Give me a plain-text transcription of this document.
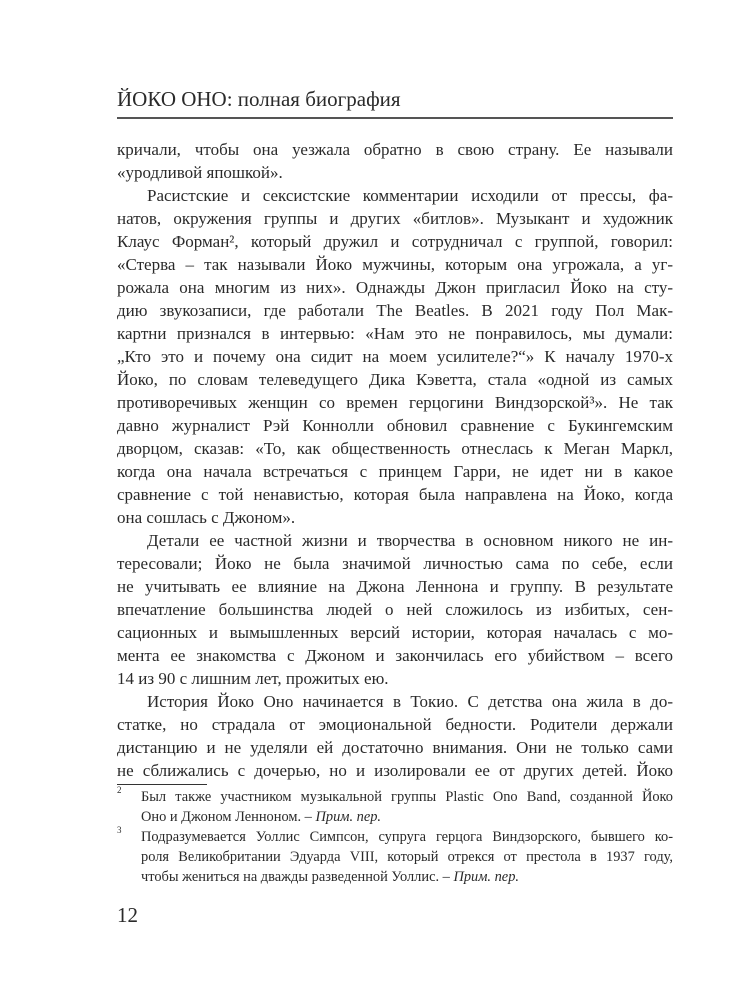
ЙОКО ОНО: полная биография
кричали, чтобы она уезжала обратно в свою страну. Ее называли
«уродливой япошкой».
Расистские и сексистские комментарии исходили от прессы, фа-
натов, окружения группы и других «битлов». Музыкант и художник
Клаус Форман², который дружил и сотрудничал с группой, говорил:
«Стерва – так называли Йоко мужчины, которым она угрожала, а уг-
рожала она многим из них». Однажды Джон пригласил Йоко на сту-
дию звукозаписи, где работали The Beatles. В 2021 году Пол Мак-
картни признался в интервью: «Нам это не понравилось, мы думали:
„Кто это и почему она сидит на моем усилителе?“» К началу 1970-х
Йоко, по словам телеведущего Дика Кэветта, стала «одной из самых
противоречивых женщин со времен герцогини Виндзорской³». Не так
давно журналист Рэй Коннолли обновил сравнение с Букингемским
дворцом, сказав: «То, как общественность отнеслась к Меган Маркл,
когда она начала встречаться с принцем Гарри, не идет ни в какое
сравнение с той ненавистью, которая была направлена на Йоко, когда
она сошлась с Джоном».
Детали ее частной жизни и творчества в основном никого не ин-
тересовали; Йоко не была значимой личностью сама по себе, если
не учитывать ее влияние на Джона Леннона и группу. В результате
впечатление большинства людей о ней сложилось из избитых, сен-
сационных и вымышленных версий истории, которая началась с мо-
мента ее знакомства с Джоном и закончилась его убийством – всего
14 из 90 с лишним лет, прожитых ею.
История Йоко Оно начинается в Токио. С детства она жила в до-
статке, но страдала от эмоциональной бедности. Родители держали
дистанцию и не уделяли ей достаточно внимания. Они не только сами
не сближались с дочерью, но и изолировали ее от других детей. Йоко
2 Был также участником музыкальной группы Plastic Ono Band, созданной Йоко
Оно и Джоном Ленноном. – Прим. пер.
3 Подразумевается Уоллис Симпсон, супруга герцога Виндзорского, бывшего ко-
роля Великобритании Эдуарда VIII, который отрекся от престола в 1937 году,
чтобы жениться на дважды разведенной Уоллис. – Прим. пер.
12
